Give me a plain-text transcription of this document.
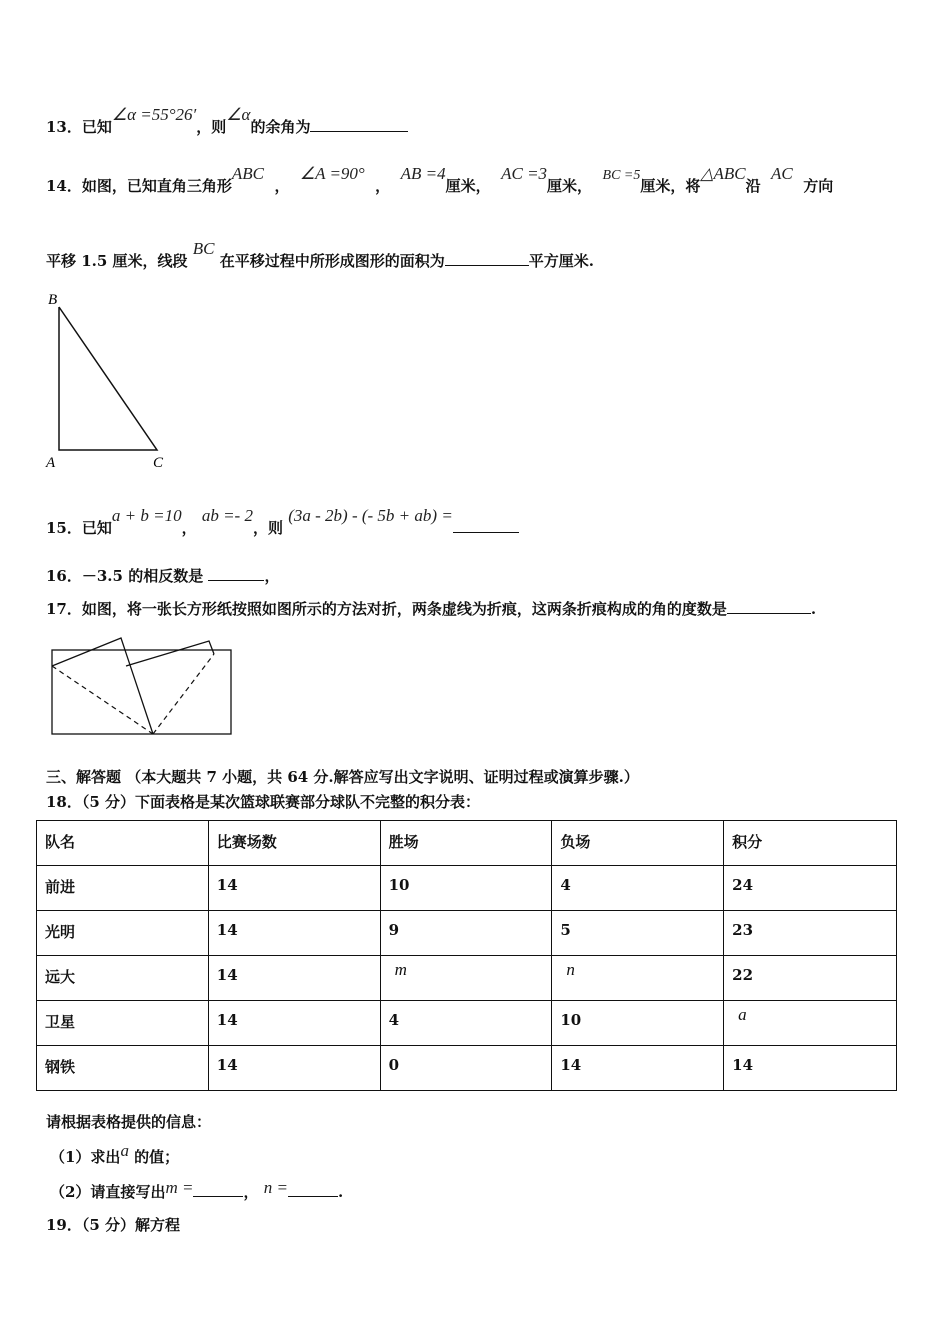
13．已知∠α =55°26′，则∠α的余角为
14．如图，已知直角三角形ABC  ，  ∠A =90°  ，  AB =4厘米，  AC =3厘米，  BC =5厘米，将△ABC沿  AC  方向
平移 1.5 厘米，线段 BC 在平移过程中所形成图形的面积为	平方厘米.
B
A	C
15．已知a + b =10， ab =- 2，则 (3a - 2b) - (- 5b + ab) =
16．－3.5 的相反数是	，
17．如图，将一张长方形纸按照如图所示的方法对折，两条虚线为折痕，这两条折痕构成的角的度数是	.
三、解答题 （本大题共 7 小题，共 64 分.解答应写出文字说明、证明过程或演算步骤.）
18．（5 分）下面表格是某次篮球联赛部分球队不完整的积分表：
队名	比赛场数	胜场	负场	积分
前进	14	10	4	24
光明	14	9	5	23
远大	14	m	n	22
卫星	14	4	10	a
钢铁	14	0	14	14
请根据表格提供的信息：
（1）求出a 的值；
（2）请直接写出m =	， n =	.
19．（5 分）解方程
